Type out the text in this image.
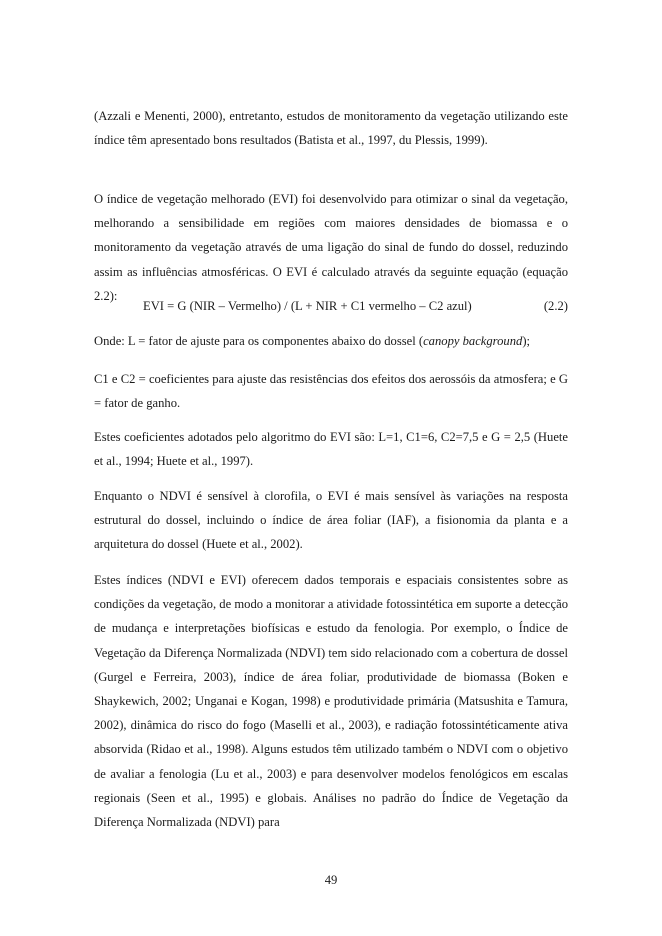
(Azzali e Menenti, 2000), entretanto, estudos de monitoramento da vegetação utilizando este índice têm apresentado bons resultados (Batista et al., 1997, du Plessis, 1999).

O índice de vegetação melhorado (EVI) foi desenvolvido para otimizar o sinal da vegetação, melhorando a sensibilidade em regiões com maiores densidades de biomassa e o monitoramento da vegetação através de uma ligação do sinal de fundo do dossel, reduzindo assim as influências atmosféricas. O EVI é calculado através da seguinte equação (equação 2.2):

EVI = G (NIR – Vermelho) / (L + NIR + C1 vermelho – C2 azul)	(2.2)

Onde: L = fator de ajuste para os componentes abaixo do dossel (canopy background);

C1 e C2 = coeficientes para ajuste das resistências dos efeitos dos aerossóis da atmosfera; e G = fator de ganho.

Estes coeficientes adotados pelo algoritmo do EVI são: L=1, C1=6, C2=7,5 e G = 2,5 (Huete et al., 1994; Huete et al., 1997).

Enquanto o NDVI é sensível à clorofila, o EVI é mais sensível às variações na resposta estrutural do dossel, incluindo o índice de área foliar (IAF), a fisionomia da planta e a arquitetura do dossel (Huete et al., 2002).

Estes índices (NDVI e EVI) oferecem dados temporais e espaciais consistentes sobre as condições da vegetação, de modo a monitorar a atividade fotossintética em suporte a detecção de mudança e interpretações biofísicas e estudo da fenologia. Por exemplo, o Índice de Vegetação da Diferença Normalizada (NDVI) tem sido relacionado com a cobertura de dossel (Gurgel e Ferreira, 2003), índice de área foliar, produtividade de biomassa (Boken e Shaykewich, 2002; Unganai e Kogan, 1998) e produtividade primária (Matsushita e Tamura, 2002), dinâmica do risco do fogo (Maselli et al., 2003), e radiação fotossintéticamente ativa absorvida (Ridao et al., 1998). Alguns estudos têm utilizado também o NDVI com o objetivo de avaliar a fenologia (Lu et al., 2003) e para desenvolver modelos fenológicos em escalas regionais (Seen et al., 1995) e globais. Análises no padrão do Índice de Vegetação da Diferença Normalizada (NDVI) para

49
